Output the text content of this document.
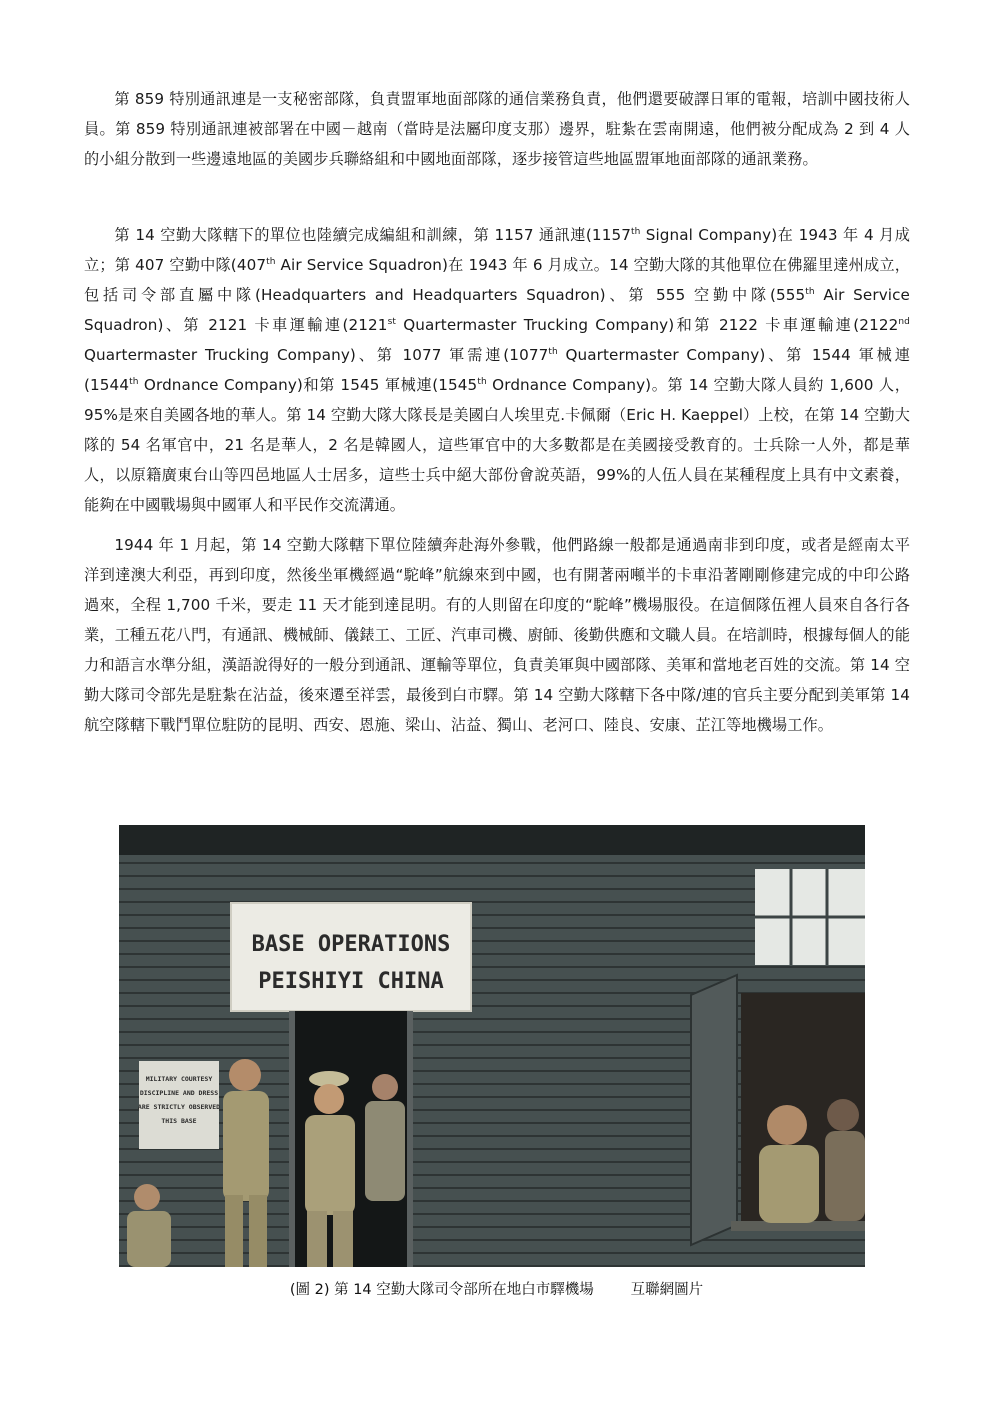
第 859 特別通訊連是一支秘密部隊，負責盟軍地面部隊的通信業務負責，他們還要破譯日軍的電報，培訓中國技術人員。第 859 特別通訊連被部署在中國－越南（當時是法屬印度支那）邊界，駐紮在雲南開遠，他們被分配成為 2 到 4 人的小組分散到一些邊遠地區的美國步兵聯絡組和中國地面部隊，逐步接管這些地區盟軍地面部隊的通訊業務。

第 14 空勤大隊轄下的單位也陸續完成編組和訓練，第 1157 通訊連(1157th Signal Company)在 1943 年 4 月成立；第 407 空勤中隊(407th Air Service Squadron)在 1943 年 6 月成立。14 空勤大隊的其他單位在佛羅里達州成立，包括司令部直屬中隊(Headquarters and Headquarters Squadron)、第 555 空勤中隊(555th Air Service Squadron)、第 2121 卡車運輸連(2121st Quartermaster Trucking Company)和第 2122 卡車運輸連(2122nd Quartermaster Trucking Company)、第 1077 軍需連(1077th Quartermaster Company)、第 1544 軍械連(1544th Ordnance Company)和第 1545 軍械連(1545th Ordnance Company)。第 14 空勤大隊人員約 1,600 人，95%是來自美國各地的華人。第 14 空勤大隊大隊長是美國白人埃里克.卡佩爾（Eric H. Kaeppel）上校，在第 14 空勤大隊的 54 名軍官中，21 名是華人，2 名是韓國人，這些軍官中的大多數都是在美國接受教育的。士兵除一人外，都是華人，以原籍廣東台山等四邑地區人士居多，這些士兵中絕大部份會說英語，99%的人伍人員在某種程度上具有中文素養，能夠在中國戰場與中國軍人和平民作交流溝通。

1944 年 1 月起，第 14 空勤大隊轄下單位陸續奔赴海外參戰，他們路線一般都是通過南非到印度，或者是經南太平洋到達澳大利亞，再到印度，然後坐軍機經過“駝峰”航線來到中國，也有開著兩噸半的卡車沿著剛剛修建完成的中印公路過來，全程 1,700 千米，要走 11 天才能到達昆明。有的人則留在印度的“駝峰”機場服役。在這個隊伍裡人員來自各行各業，工種五花八門，有通訊、機械師、儀錶工、工匠、汽車司機、廚師、後勤供應和文職人員。在培訓時，根據每個人的能力和語言水準分組，漢語說得好的一般分到通訊、運輸等單位，負責美軍與中國部隊、美軍和當地老百姓的交流。第 14 空勤大隊司令部先是駐紮在沾益，後來遷至祥雲，最後到白市驛。第 14 空勤大隊轄下各中隊/連的官兵主要分配到美軍第 14 航空隊轄下戰鬥單位駐防的昆明、西安、恩施、梁山、沾益、獨山、老河口、陸良、安康、芷江等地機場工作。

BASE OPERATIONS
PEISHIYI CHINA
MILITARY COURTESY
DISCIPLINE AND DRESS
ARE STRICTLY OBSERVED
THIS BASE
(圖 2) 第 14 空勤大隊司令部所在地白市驛機場	互聯網圖片
